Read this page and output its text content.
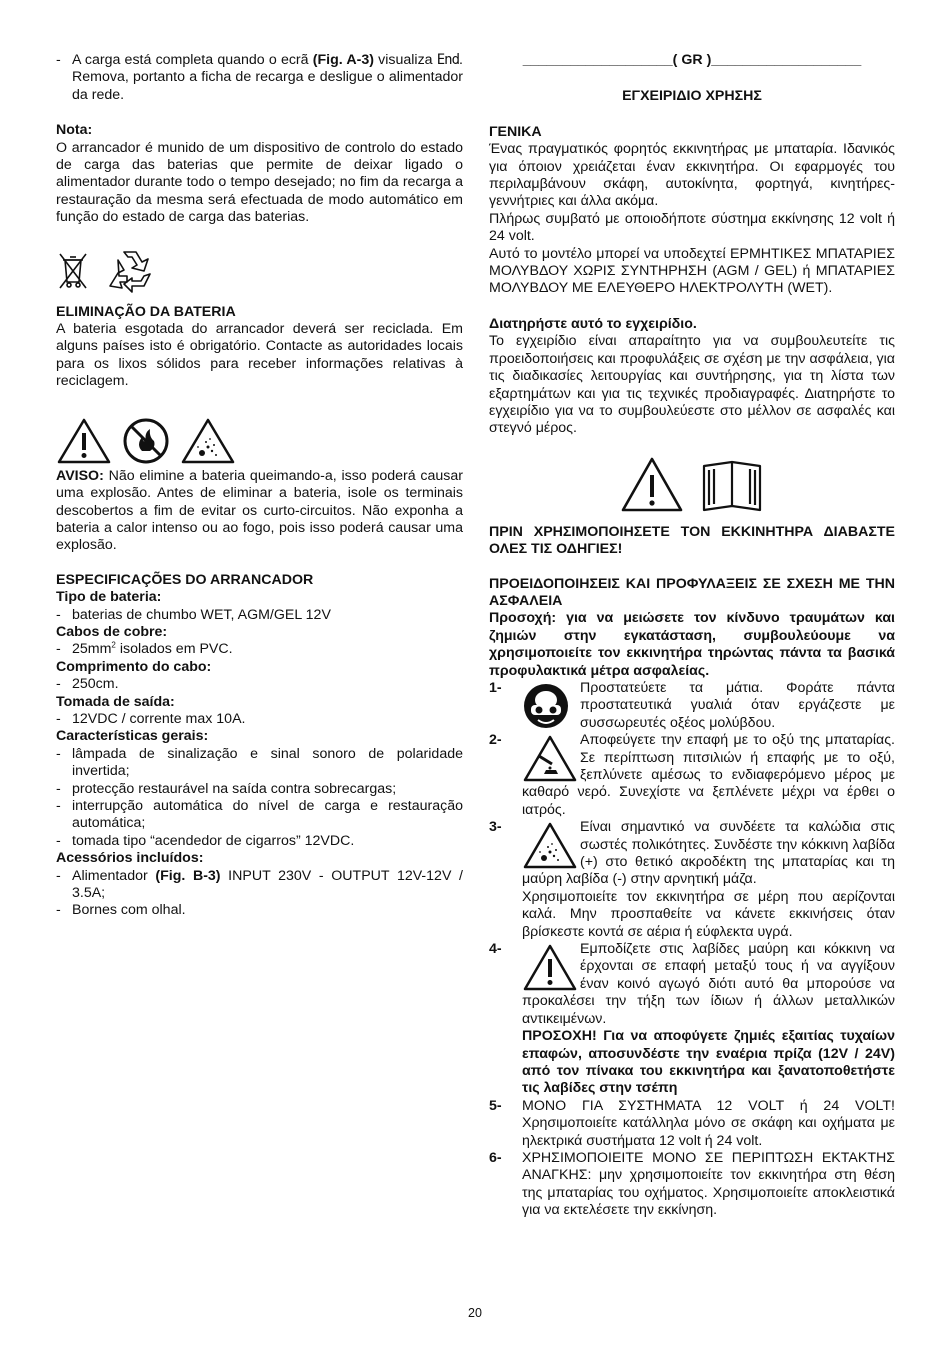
- A carga está completa quando o ecrã (Fig. A-3) visualiza End. Remova, portanto a ficha de recarga e desligue o alimentador da rede.

Nota:

O arrancador é munido de um dispositivo de controlo do estado de carga das baterias que permite de deixar ligado o alimentador durante todo o tempo desejado; no fim da recarga a restauração da mesma será efectuada de modo automático em função do estado de carga das baterias.

ELIMINAÇÃO DA BATERIA

A bateria esgotada do arrancador deverá ser reciclada. Em alguns países isto é obrigatório. Contacte as autoridades locais para os lixos sólidos para receber informações relativas à reciclagem.

AVISO: Não elimine a bateria queimando-a, isso poderá causar uma explosão. Antes de eliminar a bateria, isole os terminais descobertos a fim de evitar os curto-circuitos. Não exponha a bateria a calor intenso ou ao fogo, pois isso poderá causar uma explosão.

ESPECIFICAÇÕES DO ARRANCADOR

Tipo de bateria:

- baterias de chumbo WET, AGM/GEL 12V

Cabos de cobre:

- $25mm^2$ isolados em PVC.

Comprimento do cabo:

- 250cm.

Tomada de saída:

- 12VDC / corrente max 10A.

Características gerais:

- lâmpada de sinalização e sinal sonoro de polaridade invertida;
- protecção restaurável na saída contra sobrecargas;
- interrupção automática do nível de carga e restauração automática;
- tomada tipo “acendedor de cigarros” 12VDC.

Acessórios incluídos:

- Alimentador (Fig. B-3) INPUT 230V - OUTPUT 12V-12V / 3.5A;
- Bornes com olhal.

___________________( GR )___________________

ΕΓΧΕΙΡΙΔΙΟ ΧΡΗΣΗΣ

ΓΕΝΙΚΑ

Ένας πραγματικός φορητός εκκινητήρας με μπαταρία. Ιδανικός για όποιον χρειάζεται έναν εκκινητήρα. Οι εφαρμογές του περιλαμβάνουν σκάφη, αυτοκίνητα, φορτηγά, κινητήρες-γεννήτριες και άλλα ακόμα.

Πλήρως συμβατό με οποιοδήποτε σύστημα εκκίνησης 12 volt ή 24 volt.

Αυτό το μοντέλο μπορεί να υποδεχτεί ΕΡΜΗΤΙΚΕΣ ΜΠΑΤΑΡΙΕΣ ΜΟΛΥΒΔΟΥ ΧΩΡΙΣ ΣΥΝΤΗΡΗΣΗ (AGM / GEL) ή ΜΠΑΤΑΡΙΕΣ ΜΟΛΥΒΔΟΥ ΜΕ ΕΛΕΥΘΕΡΟ ΗΛΕΚΤΡΟΛΥΤΗ (WET).

Διατηρήστε αυτό το εγχειρίδιο.

Το εγχειρίδιο είναι απαραίτητο για να συμβουλευτείτε τις προειδοποιήσεις και προφυλάξεις σε σχέση με την ασφάλεια, για τις διαδικασίες λειτουργίας και συντήρησης, για τη λίστα των εξαρτημάτων και για τις τεχνικές προδιαγραφές. Διατηρήστε το εγχειρίδιο για να το συμβουλεύεστε στο μέλλον σε ασφαλές και στεγνό μέρος.

ΠΡΙΝ ΧΡΗΣΙΜΟΠΟΙΗΣΕΤΕ ΤΟΝ ΕΚΚΙΝΗΤΗΡΑ ΔΙΑΒΑΣΤΕ ΟΛΕΣ ΤΙΣ ΟΔΗΓΙΕΣ!

ΠΡΟΕΙΔΟΠΟΙΗΣΕΙΣ ΚΑΙ ΠΡΟΦΥΛΑΞΕΙΣ ΣΕ ΣΧΕΣΗ ΜΕ ΤΗΝ ΑΣΦΑΛΕΙΑ

Προσοχή: για να μειώσετε τον κίνδυνο τραυμάτων και ζημιών στην εγκατάσταση, συμβουλεύουμε να χρησιμοποιείτε τον εκκινητήρα τηρώντας πάντα τα βασικά προφυλακτικά μέτρα ασφαλείας.

1-	Προστατεύετε τα μάτια. Φοράτε πάντα προστατευτικά γυαλιά όταν εργάζεστε με συσσωρευτές οξέος μολύβδου.

2-	Αποφεύγετε την επαφή με το οξύ της μπαταρίας. Σε περίπτωση πιτσιλιών ή επαφής με το οξύ, ξεπλύνετε αμέσως το ενδιαφερόμενο μέρος με καθαρό νερό. Συνεχίστε να ξεπλένετε μέχρι να έρθει ο ιατρός.

3-	Είναι σημαντικό να συνδέετε τα καλώδια στις σωστές πολικότητες. Συνδέστε την κόκκινη λαβίδα (+) στο θετικό ακροδέκτη της μπαταρίας και τη μαύρη λαβίδα (-) στην αρνητική μάζα.

Χρησιμοποιείτε τον εκκινητήρα σε μέρη που αερίζονται καλά. Μην προσπαθείτε να κάνετε εκκινήσεις όταν βρίσκεστε κοντά σε αέρια ή εύφλεκτα υγρά.

4-	Εμποδίζετε στις λαβίδες μαύρη και κόκκινη να έρχονται σε επαφή μεταξύ τους ή να αγγίξουν έναν κοινό αγωγό διότι αυτό θα μπορούσε να προκαλέσει την τήξη των ίδιων ή άλλων μεταλλικών αντικειμένων.

ΠΡΟΣΟΧΗ! Για να αποφύγετε ζημιές εξαιτίας τυχαίων επαφών, αποσυνδέστε την εναέρια πρίζα (12V / 24V) από τον πίνακα του εκκινητήρα και ξανατοποθετήστε τις λαβίδες στην τσέπη

5-	ΜΟΝΟ ΓΙΑ ΣΥΣΤΗΜΑΤΑ 12 VOLT ή 24 VOLT! Χρησιμοποιείτε κατάλληλα μόνο σε σκάφη και οχήματα με ηλεκτρικά συστήματα 12 volt ή 24 volt.

6-	ΧΡΗΣΙΜΟΠΟΙΕΙΤΕ ΜΟΝΟ ΣΕ ΠΕΡΙΠΤΩΣΗ ΕΚΤΑΚΤΗΣ ΑΝΑΓΚΗΣ: μην χρησιμοποιείτε τον εκκινητήρα στη θέση της μπαταρίας του οχήματος. Χρησιμοποιείτε αποκλειστικά για να εκτελέσετε την εκκίνηση.

20
